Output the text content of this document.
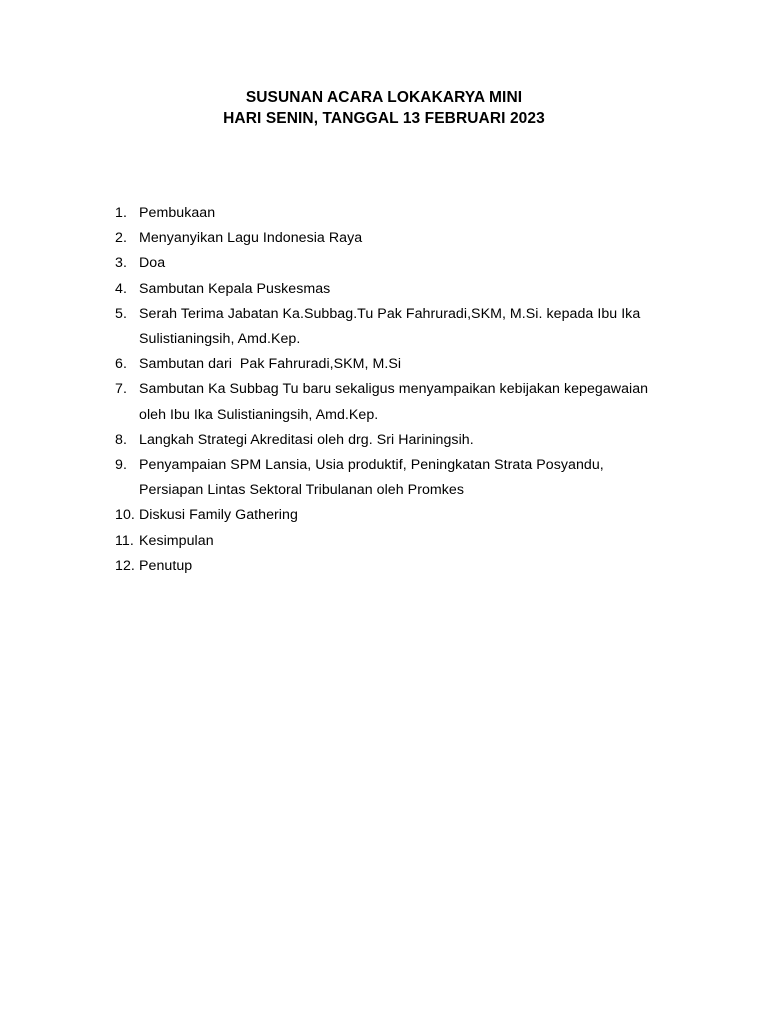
SUSUNAN ACARA LOKAKARYA MINI
HARI SENIN, TANGGAL 13 FEBRUARI 2023
1. Pembukaan
2. Menyanyikan Lagu Indonesia Raya
3. Doa
4. Sambutan Kepala Puskesmas
5. Serah Terima Jabatan Ka.Subbag.Tu Pak Fahruradi,SKM, M.Si. kepada Ibu Ika Sulistianingsih, Amd.Kep.
6. Sambutan dari  Pak Fahruradi,SKM, M.Si
7. Sambutan Ka Subbag Tu baru sekaligus menyampaikan kebijakan kepegawaian oleh Ibu Ika Sulistianingsih, Amd.Kep.
8. Langkah Strategi Akreditasi oleh drg. Sri Hariningsih.
9. Penyampaian SPM Lansia, Usia produktif, Peningkatan Strata Posyandu, Persiapan Lintas Sektoral Tribulanan oleh Promkes
10. Diskusi Family Gathering
11. Kesimpulan
12. Penutup
